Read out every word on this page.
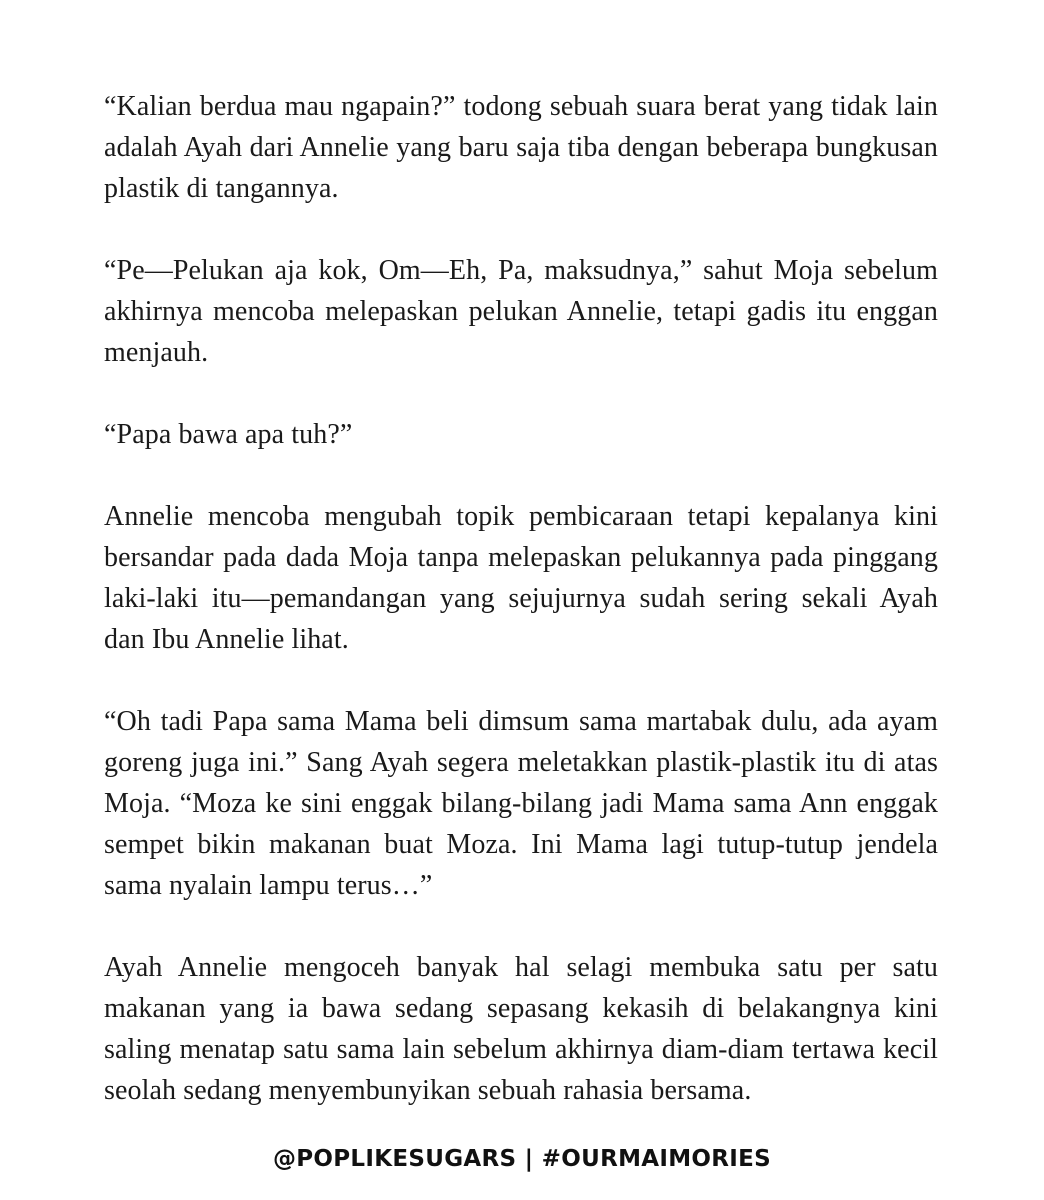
“Kalian berdua mau ngapain?” todong sebuah suara berat yang tidak lain adalah Ayah dari Annelie yang baru saja tiba dengan beberapa bungkusan plastik di tangannya.

“Pe—Pelukan aja kok, Om—Eh, Pa, maksudnya,” sahut Moja sebelum akhirnya mencoba melepaskan pelukan Annelie, tetapi gadis itu enggan menjauh.

“Papa bawa apa tuh?”

Annelie mencoba mengubah topik pembicaraan tetapi kepalanya kini bersandar pada dada Moja tanpa melepaskan pelukannya pada pinggang laki-laki itu—pemandangan yang sejujurnya sudah sering sekali Ayah dan Ibu Annelie lihat.

“Oh tadi Papa sama Mama beli dimsum sama martabak dulu, ada ayam goreng juga ini.” Sang Ayah segera meletakkan plastik-plastik itu di atas Moja. “Moza ke sini enggak bilang-bilang jadi Mama sama Ann enggak sempet bikin makanan buat Moza. Ini Mama lagi tutup-tutup jendela sama nyalain lampu terus…”

Ayah Annelie mengoceh banyak hal selagi membuka satu per satu makanan yang ia bawa sedang sepasang kekasih di belakangnya kini saling menatap satu sama lain sebelum akhirnya diam-diam tertawa kecil seolah sedang menyembunyikan sebuah rahasia bersama.

@POPLIKESUGARS | #OURMAIMORIES
